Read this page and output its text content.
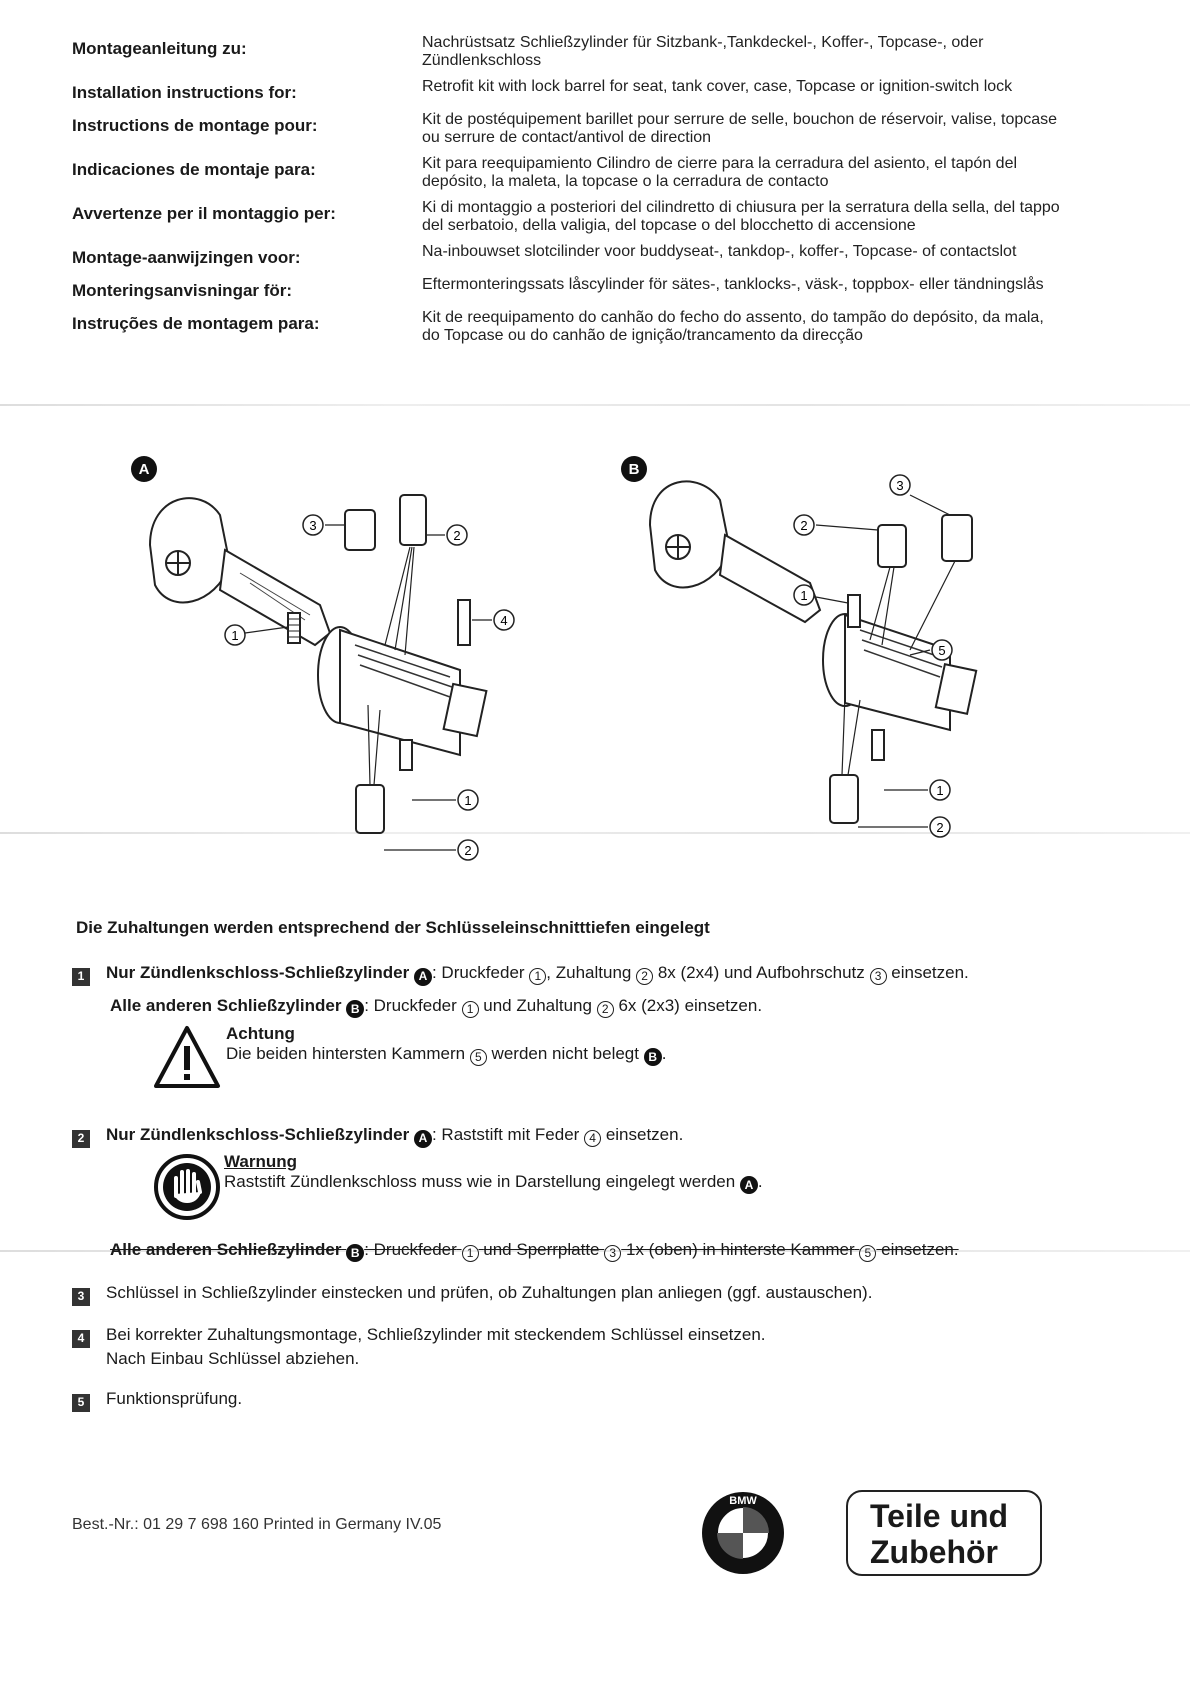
Montageanleitung zu:	Nachrüstsatz Schließzylinder für Sitzbank-,Tankdeckel-, Koffer-, Topcase-, oder Zündlenkschloss
Installation instructions for:	Retrofit kit with lock barrel for seat, tank cover, case, Topcase or ignition-switch lock
Instructions de montage pour:	Kit de postéquipement barillet pour serrure de selle, bouchon de réservoir, valise, topcase ou serrure de contact/antivol de direction
Indicaciones de montaje para:	Kit para reequipamiento Cilindro de cierre para la cerradura del asiento, el tapón del depósito, la maleta, la topcase o la cerradura de contacto
Avvertenze per il montaggio per:	Ki di montaggio a posteriori del cilindretto di chiusura per la serratura della sella, del tappo del serbatoio, della valigia, del topcase o del blocchetto di accensione
Montage-aanwijzingen voor:	Na-inbouwset slotcilinder voor buddyseat-, tankdop-, koffer-, Topcase- of contactslot
Monteringsanvisningar för:	Eftermonteringssats låscylinder för sätes-, tanklocks-, väsk-, toppbox- eller tändningslås
Instruções de montagem para:	Kit de reequipamento do canhão do fecho do assento, do tampão do depósito, da mala, do Topcase ou do canhão de ignição/trancamento da direcção
A
3
2
4
1
1
2
B
3
2
1
5
1
2
Die Zuhaltungen werden entsprechend der Schlüsseleinschnitttiefen eingelegt
1 Nur Zündlenkschloss-Schließzylinder A : Druckfeder 1 , Zuhaltung 2 8x (2x4) und Aufbohrschutz 3 einsetzen.
Alle anderen Schließzylinder B : Druckfeder 1 und Zuhaltung 2 6x (2x3) einsetzen.
Achtung
Die beiden hintersten Kammern 5 werden nicht belegt B .
2 Nur Zündlenkschloss-Schließzylinder A : Raststift mit Feder 4 einsetzen.
Warnung
Raststift Zündlenkschloss muss wie in Darstellung eingelegt werden A .
Alle anderen Schließzylinder B : Druckfeder 1 und Sperrplatte 3 1x (oben) in hinterste Kammer 5 einsetzen.
3 Schlüssel in Schließzylinder einstecken und prüfen, ob Zuhaltungen plan anliegen (ggf. austauschen).
4 Bei korrekter Zuhaltungsmontage, Schließzylinder mit steckendem Schlüssel einsetzen.
Nach Einbau Schlüssel abziehen.
5 Funktionsprüfung.
Best.-Nr.: 01 29 7 698 160 Printed in Germany IV.05
BMW	Teile und
Zubehör
